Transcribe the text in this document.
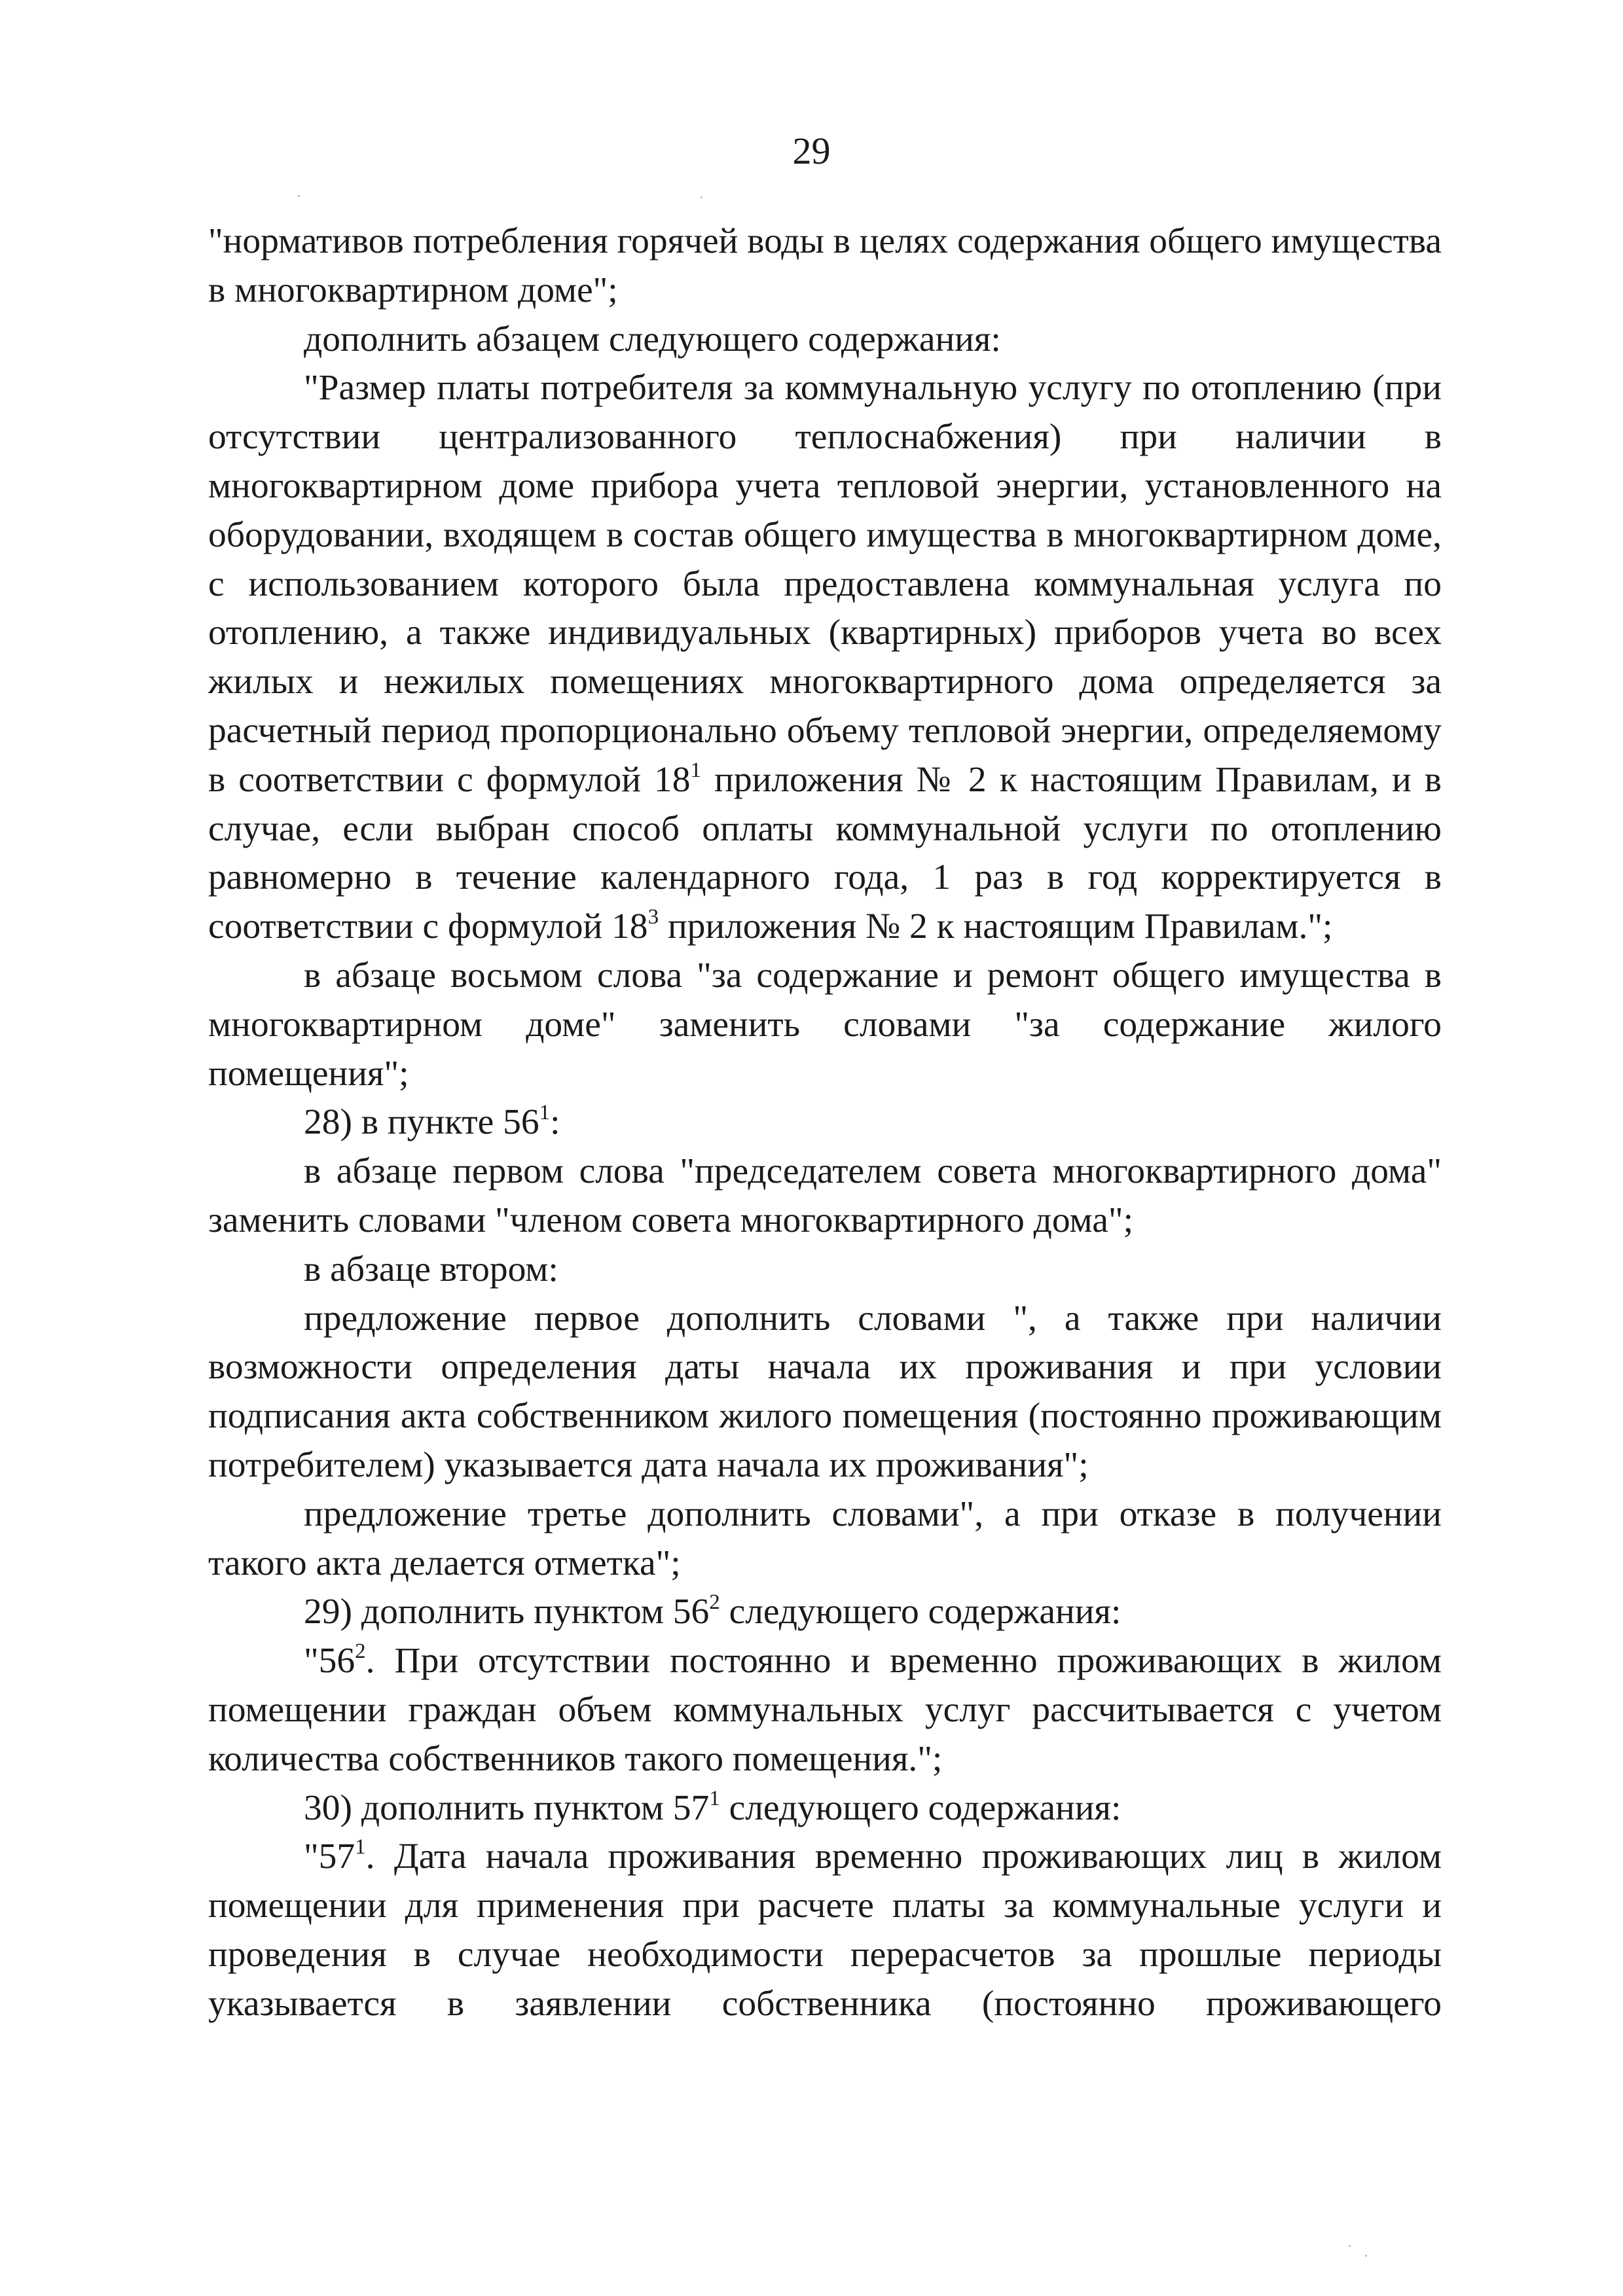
29

"нормативов потребления горячей воды в целях содержания общего имущества в многоквартирном доме";

дополнить абзацем следующего содержания:

"Размер платы потребителя за коммунальную услугу по отоплению (при отсутствии централизованного теплоснабжения) при наличии в многоквартирном доме прибора учета тепловой энергии, установленного на оборудовании, входящем в состав общего имущества в многоквартирном доме, с использованием которого была предоставлена коммунальная услуга по отоплению, а также индивидуальных (квартирных) приборов учета во всех жилых и нежилых помещениях многоквартирного дома определяется за расчетный период пропорционально объему тепловой энергии, определяемому в соответствии с формулой $18^1$ приложения № 2 к настоящим Правилам, и в случае, если выбран способ оплаты коммунальной услуги по отоплению равномерно в течение календарного года, 1 раз в год корректируется в соответствии с формулой $18^3$ приложения № 2 к настоящим Правилам.";

в абзаце восьмом слова "за содержание и ремонт общего имущества в многоквартирном доме" заменить словами "за содержание жилого помещения";

28) в пункте $56^1$:

в абзаце первом слова "председателем совета многоквартирного дома" заменить словами "членом совета многоквартирного дома";

в абзаце втором:

предложение первое дополнить словами ", а также при наличии возможности определения даты начала их проживания и при условии подписания акта собственником жилого помещения (постоянно проживающим потребителем) указывается дата начала их проживания";

предложение третье дополнить словами", а при отказе в получении такого акта делается отметка";

29) дополнить пунктом $56^2$ следующего содержания:

"$56^2$. При отсутствии постоянно и временно проживающих в жилом помещении граждан объем коммунальных услуг рассчитывается с учетом количества собственников такого помещения.";

30) дополнить пунктом $57^1$ следующего содержания:

"$57^1$. Дата начала проживания временно проживающих лиц в жилом помещении для применения при расчете платы за коммунальные услуги и проведения в случае необходимости перерасчетов за прошлые периоды указывается в заявлении собственника (постоянно проживающего
